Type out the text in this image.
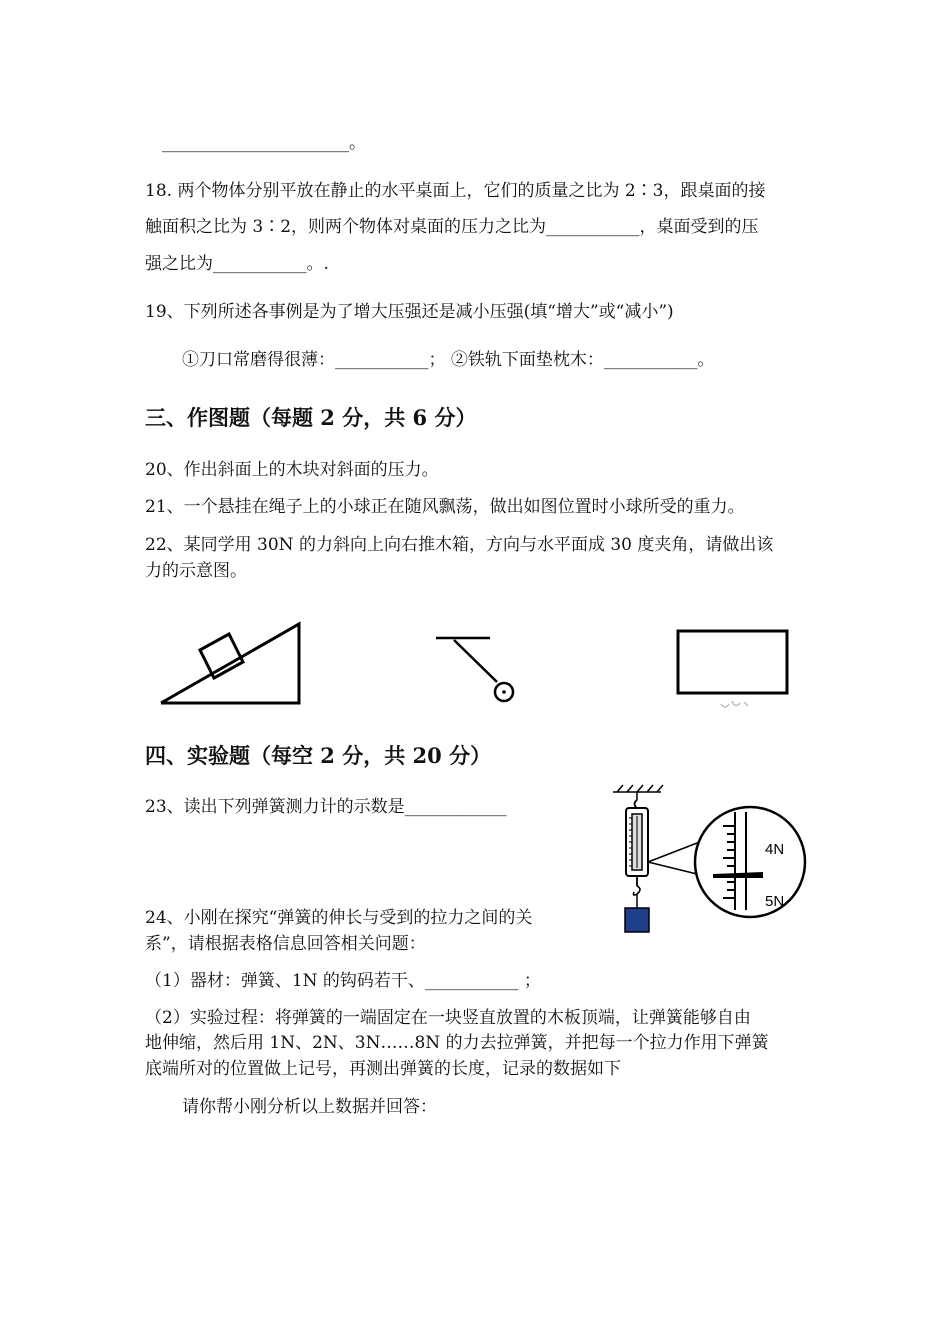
______________________。
18. 两个物体分别平放在静止的水平桌面上，它们的质量之比为 2∶3，跟桌面的接
触面积之比为 3∶2，则两个物体对桌面的压力之比为___________，桌面受到的压
强之比为___________。.
19、下列所述各事例是为了增大压强还是减小压强(填“增大”或“减小”)
①刀口常磨得很薄：___________； ②铁轨下面垫枕木：___________。
三、作图题（每题 2 分，共 6 分）
20、作出斜面上的木块对斜面的压力。
21、一个悬挂在绳子上的小球正在随风飘荡，做出如图位置时小球所受的重力。
22、某同学用 30N 的力斜向上向右推木箱，方向与水平面成 30 度夹角，请做出该
力的示意图。
四、实验题（每空 2 分，共 20 分）
23、读出下列弹簧测力计的示数是____________
4N
5N
24、小刚在探究“弹簧的伸长与受到的拉力之间的关
系”，请根据表格信息回答相关问题：
（1）器材：弹簧、1N 的钩码若干、___________ ；
（2）实验过程：将弹簧的一端固定在一块竖直放置的木板顶端，让弹簧能够自由
地伸缩，然后用 1N、2N、3N……8N 的力去拉弹簧，并把每一个拉力作用下弹簧
底端所对的位置做上记号，再测出弹簧的长度，记录的数据如下
请你帮小刚分析以上数据并回答：
